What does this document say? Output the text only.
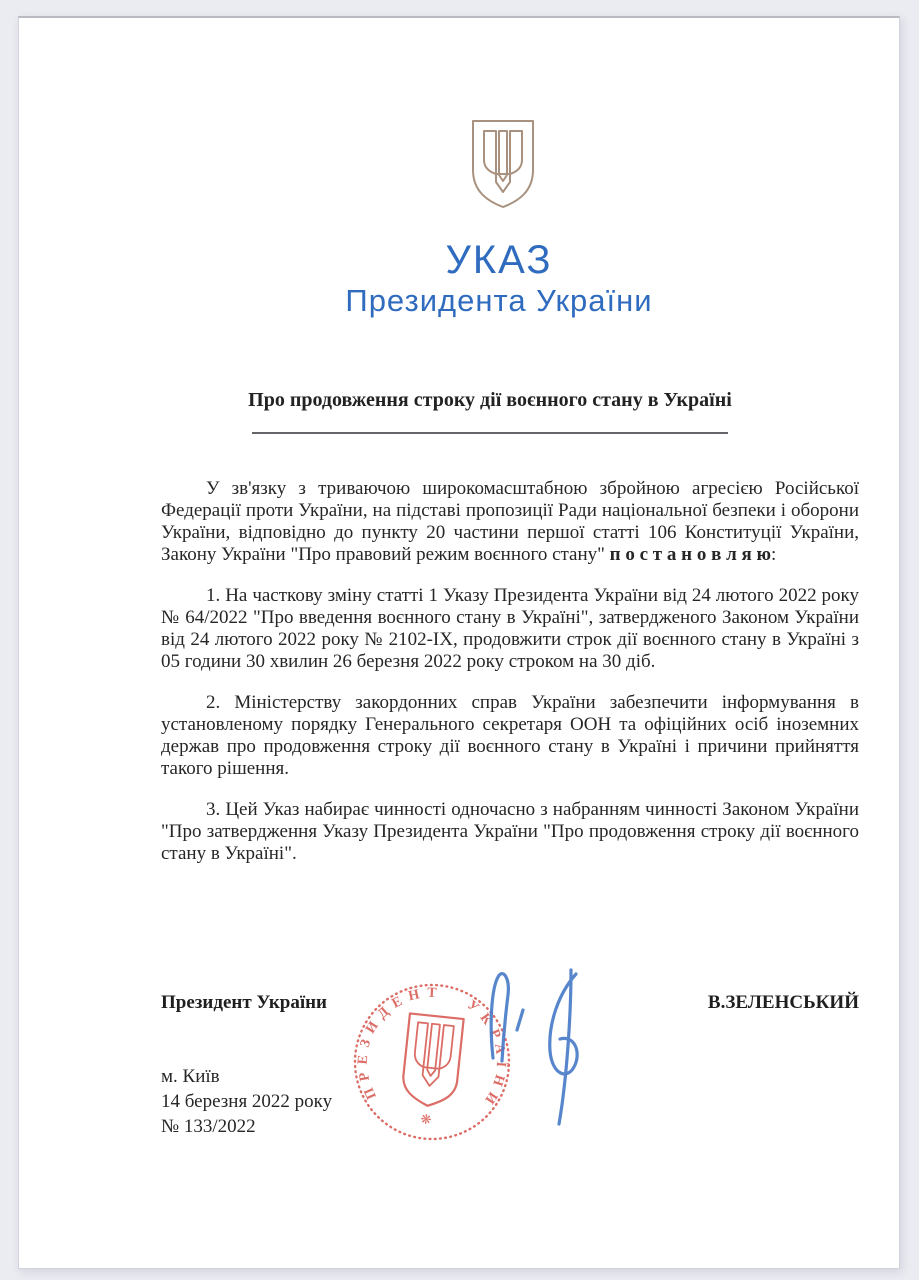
УКАЗ
Президента України
Про продовження строку дії воєнного стану в Україні

У зв'язку з триваючою широкомасштабною збройною агресією Російської Федерації проти України, на підставі пропозиції Ради національної безпеки і оборони України, відповідно до пункту 20 частини першої статті 106 Конституції України, Закону України "Про правовий режим воєнного стану" п о с т а н о в л я ю:

1. На часткову зміну статті 1 Указу Президента України від 24 лютого 2022 року № 64/2022 "Про введення воєнного стану в Україні", затвердженого Законом України від 24 лютого 2022 року № 2102-IX, продовжити строк дії воєнного стану в Україні з 05 години 30 хвилин 26 березня 2022 року строком на 30 діб.

2. Міністерству закордонних справ України забезпечити інформування в установленому порядку Генерального секретаря ООН та офіційних осіб іноземних держав про продовження строку дії воєнного стану в Україні і причини прийняття такого рішення.

3. Цей Указ набирає чинності одночасно з набранням чинності Законом України "Про затвердження Указу Президента України "Про продовження строку дії воєнного стану в Україні".

Президент України	В.ЗЕЛЕНСЬКИЙ
м. Київ
14 березня 2022 року
№ 133/2022
ПРЕЗИДЕНТ
УКРАЇНИ
❋
